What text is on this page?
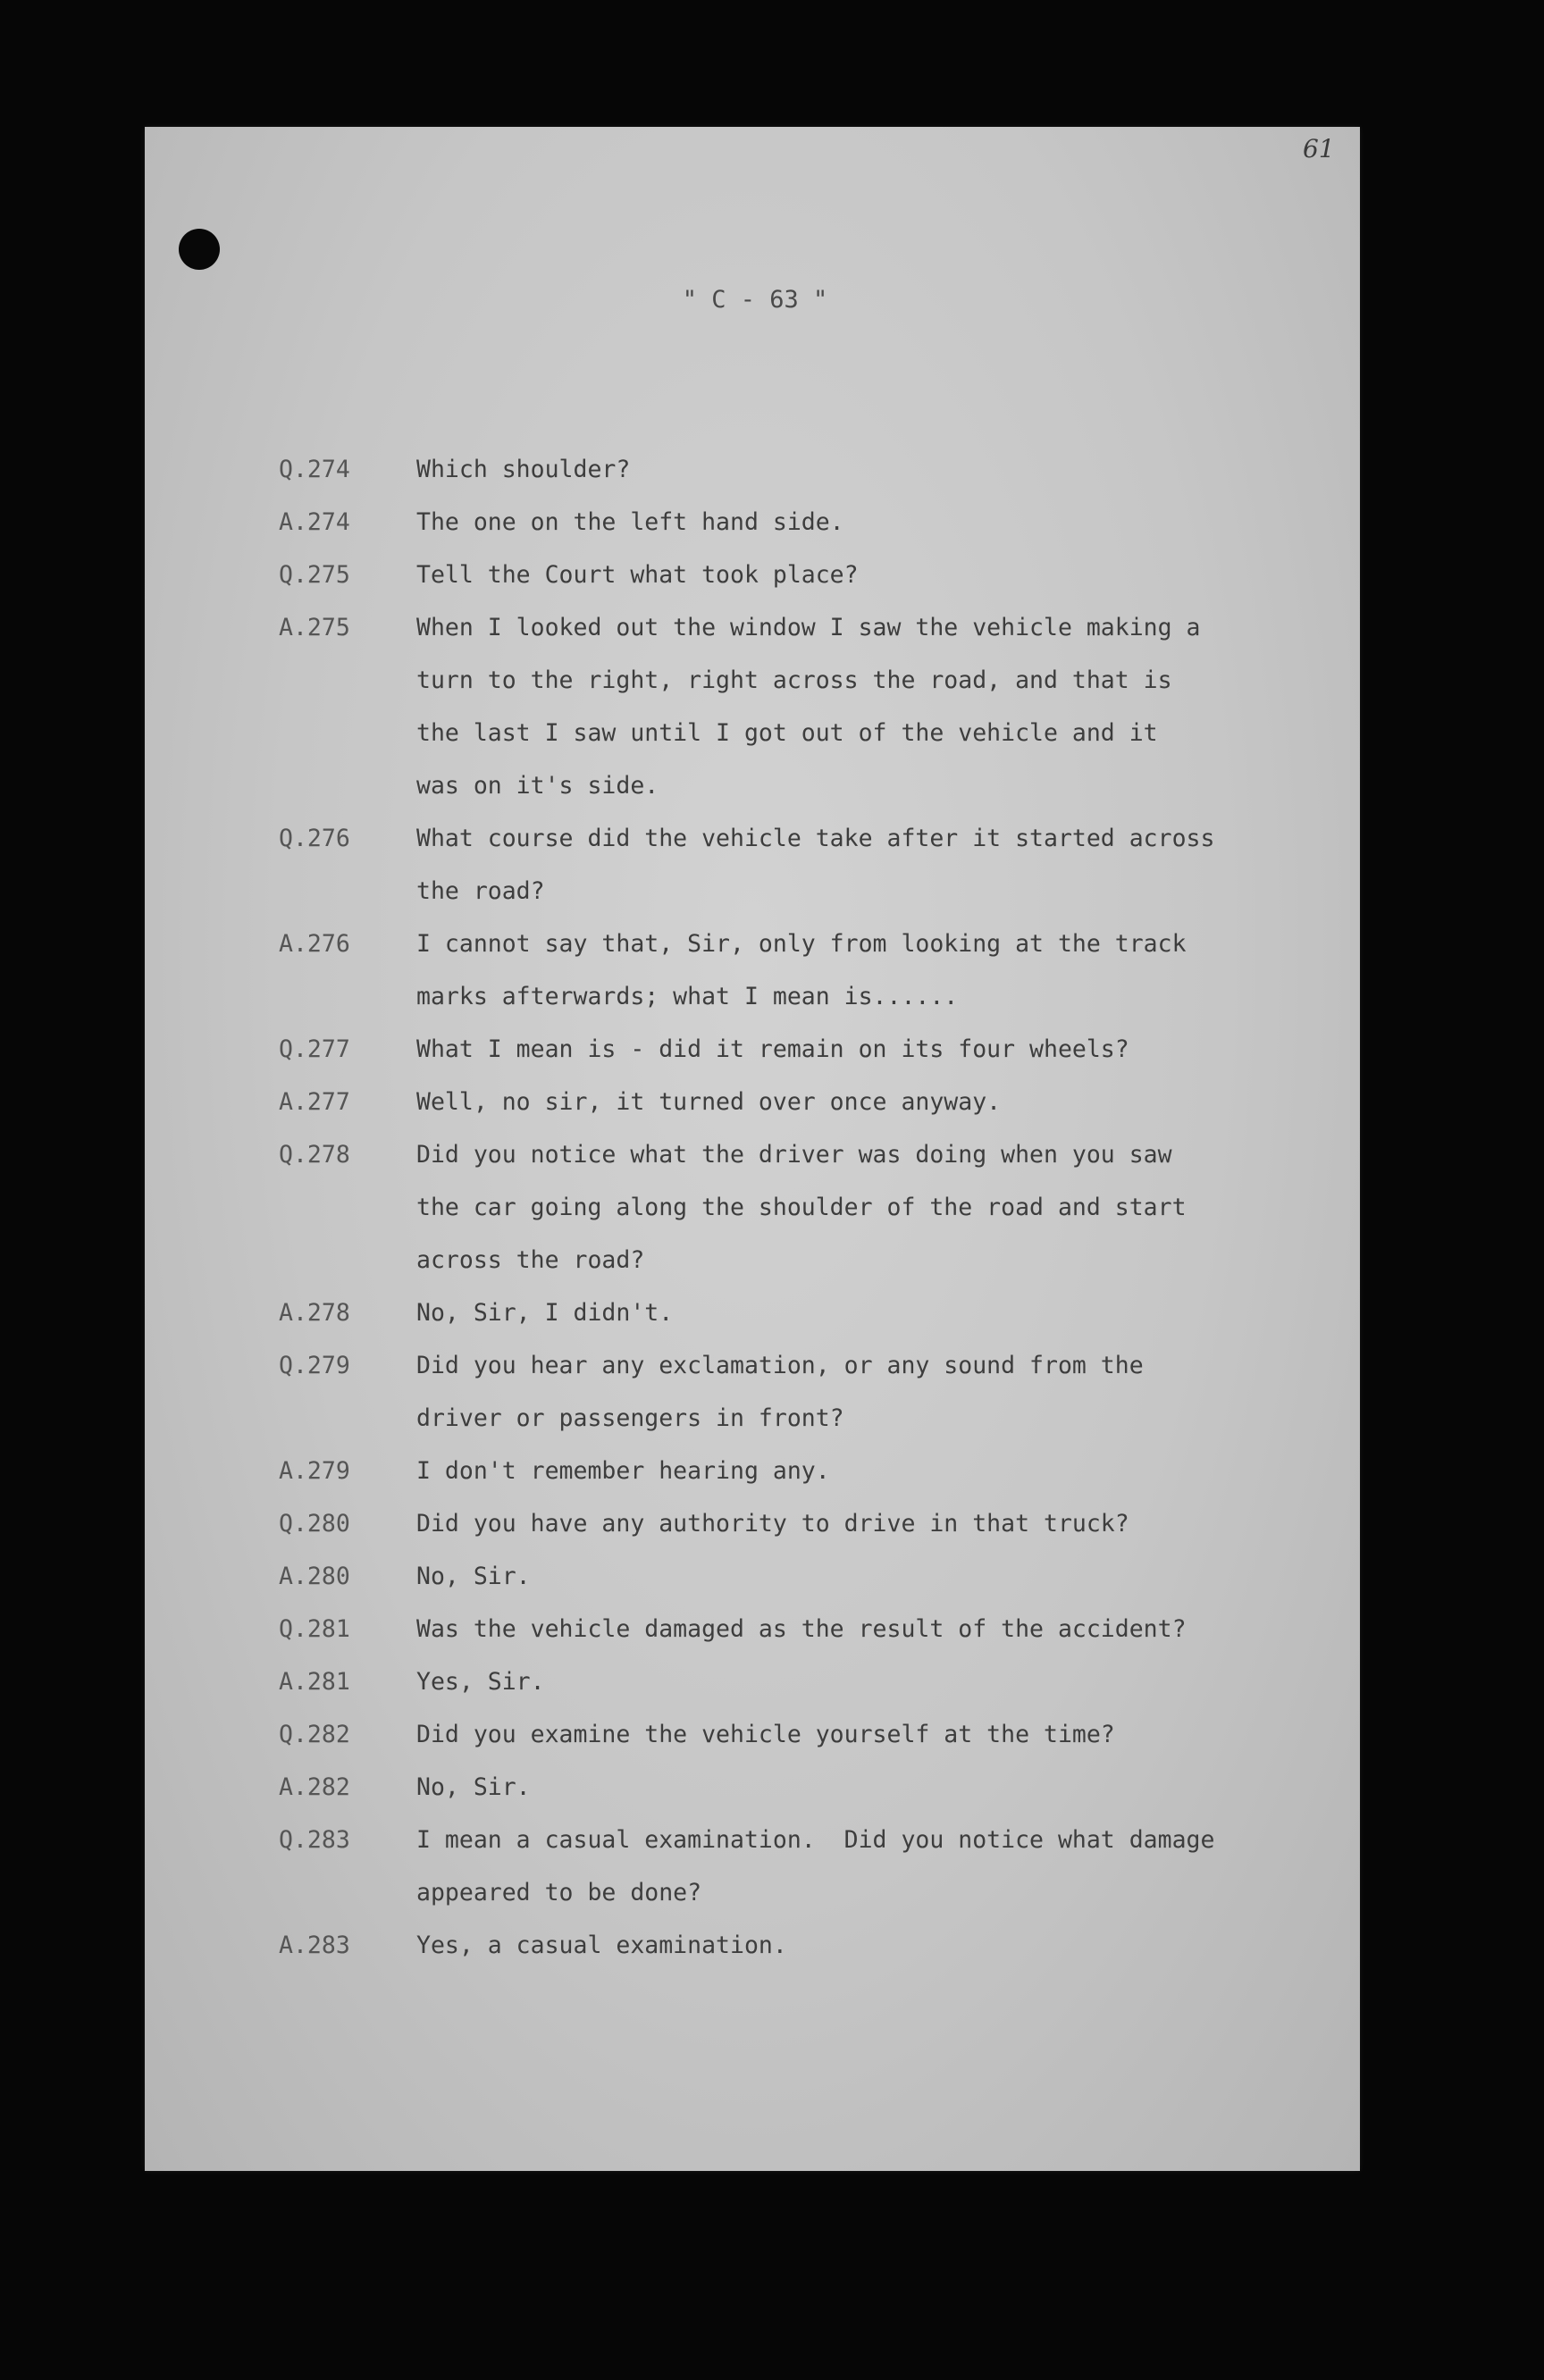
61
" C - 63 "
Q.274	Which shoulder?
A.274	The one on the left hand side.
Q.275	Tell the Court what took place?
A.275	When I looked out the window I saw the vehicle making a
turn to the right, right across the road, and that is
the last I saw until I got out of the vehicle and it
was on it's side.
Q.276	What course did the vehicle take after it started across
the road?
A.276	I cannot say that, Sir, only from looking at the track
marks afterwards; what I mean is......
Q.277	What I mean is - did it remain on its four wheels?
A.277	Well, no sir, it turned over once anyway.
Q.278	Did you notice what the driver was doing when you saw
the car going along the shoulder of the road and start
across the road?
A.278	No, Sir, I didn't.
Q.279	Did you hear any exclamation, or any sound from the
driver or passengers in front?
A.279	I don't remember hearing any.
Q.280	Did you have any authority to drive in that truck?
A.280	No, Sir.
Q.281	Was the vehicle damaged as the result of the accident?
A.281	Yes, Sir.
Q.282	Did you examine the vehicle yourself at the time?
A.282	No, Sir.
Q.283	I mean a casual examination.  Did you notice what damage
appeared to be done?
A.283	Yes, a casual examination.
